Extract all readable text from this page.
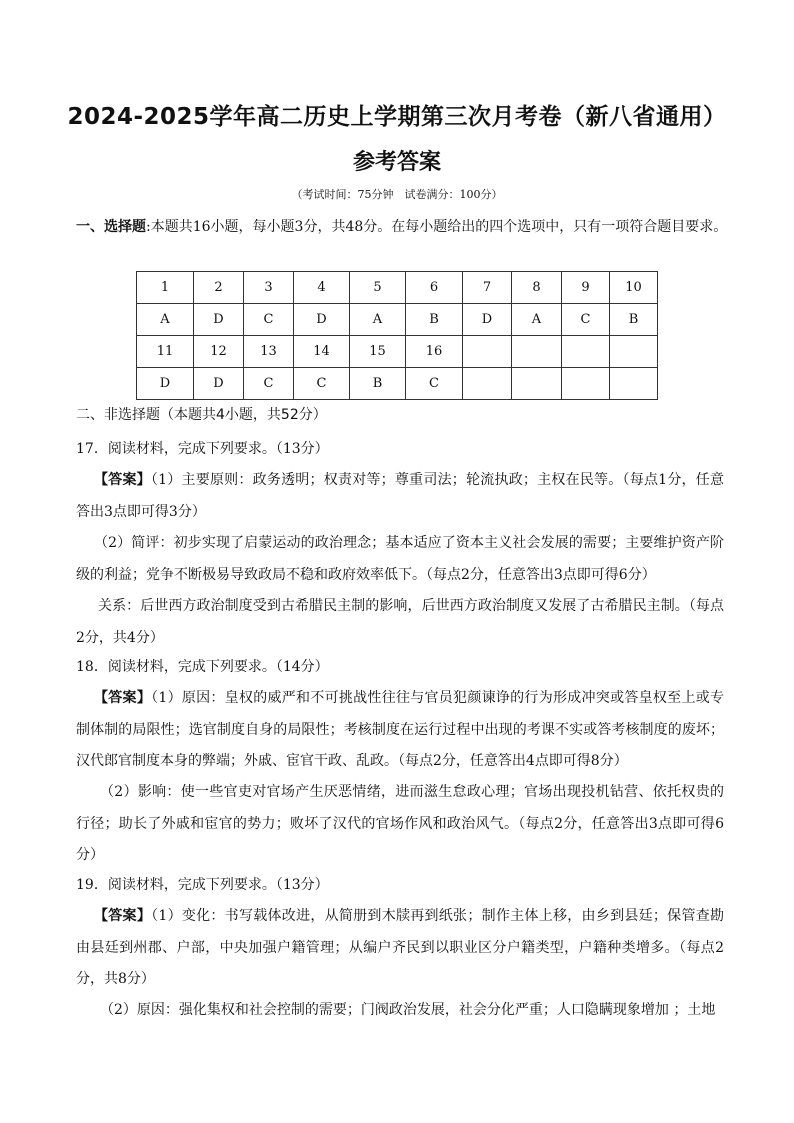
2024-2025学年高二历史上学期第三次月考卷（新八省通用）
参考答案
（考试时间：75分钟　试卷满分：100分）
一、选择题:本题共16小题，每小题3分，共48分。在每小题给出的四个选项中，只有一项符合题目要求。
1	2	3	4	5	6	7	8	9	10
A	D	C	D	A	B	D	A	C	B
11	12	13	14	15	16				
D	D	C	C	B	C				
二、非选择题（本题共4小题，共52分）
17．阅读材料，完成下列要求。（13分）
【答案】（1）主要原则：政务透明；权责对等；尊重司法；轮流执政；主权在民等。（每点1分，任意答出3点即可得3分）
（2）简评：初步实现了启蒙运动的政治理念；基本适应了资本主义社会发展的需要；主要维护资产阶级的利益；党争不断极易导致政局不稳和政府效率低下。（每点2分，任意答出3点即可得6分）
关系：后世西方政治制度受到古希腊民主制的影响，后世西方政治制度又发展了古希腊民主制。（每点2分，共4分）
18．阅读材料，完成下列要求。（14分）
【答案】（1）原因：皇权的威严和不可挑战性往往与官员犯颜谏诤的行为形成冲突或答皇权至上或专制体制的局限性；选官制度自身的局限性；考核制度在运行过程中出现的考课不实或答考核制度的废坏；汉代郎官制度本身的弊端；外戚、宦官干政、乱政。（每点2分，任意答出4点即可得8分）
（2）影响：使一些官吏对官场产生厌恶情绪，进而滋生怠政心理；官场出现投机钻营、依托权贵的行径；助长了外戚和宦官的势力；败坏了汉代的官场作风和政治风气。（每点2分，任意答出3点即可得6分）
19．阅读材料，完成下列要求。（13分）
【答案】（1）变化：书写载体改进，从简册到木牍再到纸张；制作主体上移，由乡到县廷；保管查勘由县廷到州郡、户部，中央加强户籍管理；从编户齐民到以职业区分户籍类型，户籍种类增多。（每点2分，共8分）
（2）原因：强化集权和社会控制的需要；门阀政治发展，社会分化严重；人口隐瞒现象增加 ；土地
